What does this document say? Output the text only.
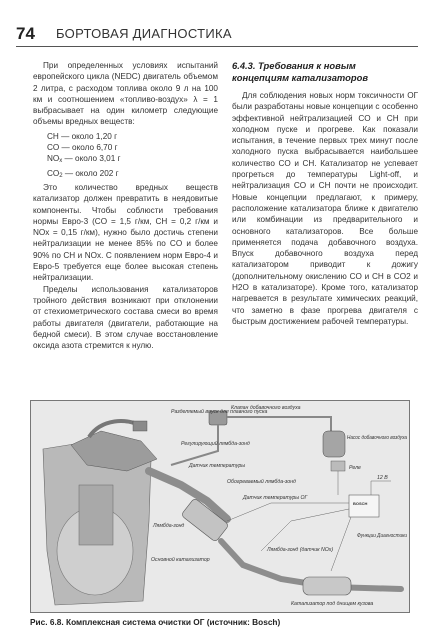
74 БОРТОВАЯ ДИАГНОСТИКА

При определенных условиях испытаний европейского цикла (NEDC) двигатель объемом 2 литра, с расходом топлива около 9 л на 100 км и соотношением «топливо-воздух» λ = 1 выбрасывает на один километр следующие объемы вредных веществ:

CH — около 1,20 г

CO — около 6,70 г

$NO_x$ — около 3,01 г

$CO_2$ — около 202 г

Это количество вредных веществ катализатор должен превратить в неядовитые компоненты. Чтобы соблюсти требования нормы Евро-3 (CO = 1,5 г/км, CH = 0,2 г/км и NOx = 0,15 г/км), нужно было достичь степени нейтрализации не менее 85% по CO и более 90% по CH и NOx. С появлением норм Евро-4 и Евро-5 требуется еще более высокая степень нейтрализации.

Пределы использования катализаторов тройного действия возникают при отклонении от стехиометрического состава смеси во время работы двигателя (двигатели, работающие на бедной смеси). В этом случае восстановление оксида азота стремится к нулю.

6.4.3. Требования к новым
концепциям катализаторов

Для соблюдения новых норм токсичности ОГ были разработаны новые концепции с особенно эффективной нейтрализацией CO и CH при холодном пуске и прогреве. Как показали испытания, в течение первых трех минут после холодного пуска выбрасывается наибольшее количество CO и CH. Катализатор не успевает прогреться до температуры Light-off, и нейтрализация CO и CH почти не происходит. Новые концепции предлагают, к примеру, расположение катализатора ближе к двигателю или комбинации из предварительного и основного катализаторов. Все больше применяется подача добавочного воздуха. Впуск добавочного воздуха перед катализатором приводит к дожигу (дополнительному окислению CO и CH в CO2 и H2O в катализаторе). Кроме того, катализатор нагревается в результате химических реакций, что заметно в фазе прогрева двигателя с быстрым достижением рабочей температуры.

Разделяемый впуск для плавного пуска
Клапан добавочного воздуха
Регулирующий лямбда-зонд
Датчик температуры
Обогреваемый лямбда-зонд
Датчик температуры ОГ
Лямбда-зонд
Основной катализатор
Насос добавочного воздуха
Реле
12 В
BOSCH
Функции Диагностики
Лямбда-зонд (датчик NOx)
Катализатор под днищем кузова
Рис. 6.8. Комплексная система очистки ОГ (источник: Bosch)
